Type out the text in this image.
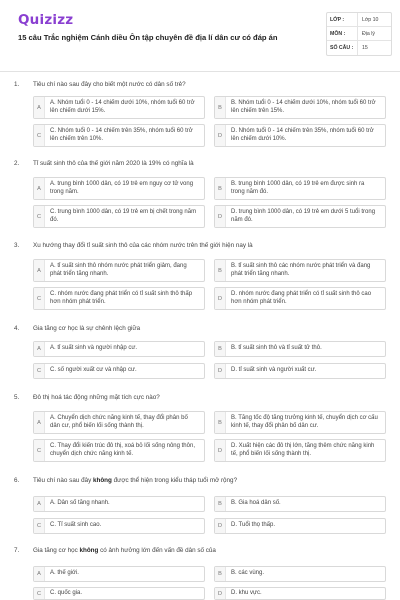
Quizizz
15 câu Trắc nghiệm Cánh diều Ôn tập chuyên đề địa lí dân cư có đáp án
LỚP :	Lớp 10
MÔN :	Địa lý
SỐ CÂU :	15
1. Tiêu chí nào sau đây cho biết một nước có dân số trẻ?
A
A. Nhóm tuổi 0 - 14 chiếm dưới 10%, nhóm tuổi 60 trở lên chiếm dưới 15%.	B
B. Nhóm tuổi 0 - 14 chiếm dưới 10%, nhóm tuổi 60 trở lên chiếm trên 15%.
C
C. Nhóm tuổi 0 - 14 chiếm trên 35%, nhóm tuổi 60 trở lên chiếm trên 10%.	D
D. Nhóm tuổi 0 - 14 chiếm trên 35%, nhóm tuổi 60 trở lên chiếm dưới 10%.
2. Tỉ suất sinh thô của thế giới năm 2020 là 19% có nghĩa là
A
A. trung bình 1000 dân, có 19 trẻ em nguy cơ tử vong trong năm.	B
B. trung bình 1000 dân, có 19 trẻ em được sinh ra trong năm đó.
C
C. trung bình 1000 dân, có 19 trẻ em bị chết trong năm đó.	D
D. trung bình 1000 dân, có 19 trẻ em dưới 5 tuổi trong năm đó.
3. Xu hướng thay đổi tỉ suất sinh thô của các nhóm nước trên thế giới hiện nay là
A
A. tỉ suất sinh thô nhóm nước phát triển giảm, đang phát triển tăng nhanh.	B
B. tỉ suất sinh thô các nhóm nước phát triển và đang phát triển tăng nhanh.
C
C. nhóm nước đang phát triển có tỉ suất sinh thô thấp hơn nhóm phát triển.	D
D. nhóm nước đang phát triển có tỉ suất sinh thô cao hơn nhóm phát triển.
4. Gia tăng cơ học là sự chênh lệch giữa
A	A. tỉ suất sinh và người nhập cư.	B	B. tỉ suất sinh thô và tỉ suất tử thô.
C	C. số người xuất cư và nhập cư.	D	D. tỉ suất sinh và người xuất cư.
5. Đô thị hoá tác động những mặt tích cực nào?
A
A. Chuyển dịch chức năng kinh tế, thay đổi phân bố dân cư, phổ biến lối sống thành thị.	B
B. Tăng tốc độ tăng trưởng kinh tế, chuyển dịch cơ cấu kinh tế, thay đổi phân bố dân cư.
C
C. Thay đổi kiến trúc đô thị, xoá bỏ lối sống nông thôn, chuyển dịch chức năng kinh tế.	D
D. Xuất hiện các đô thị lớn, tăng thêm chức năng kinh tế, phổ biến lối sống thành thị.
6. Tiêu chí nào sau đây không được thể hiện trong kiểu tháp tuổi mở rộng?
A	A. Dân số tăng nhanh.	B	B. Gia hoá dân số.
C	C. Tỉ suất sinh cao.	D	D. Tuổi thọ thấp.
7. Gia tăng cơ học không có ảnh hưởng lớn đến vấn đề dân số của
A	A. thế giới.	B	B. các vùng.
C	C. quốc gia.	D	D. khu vực.
